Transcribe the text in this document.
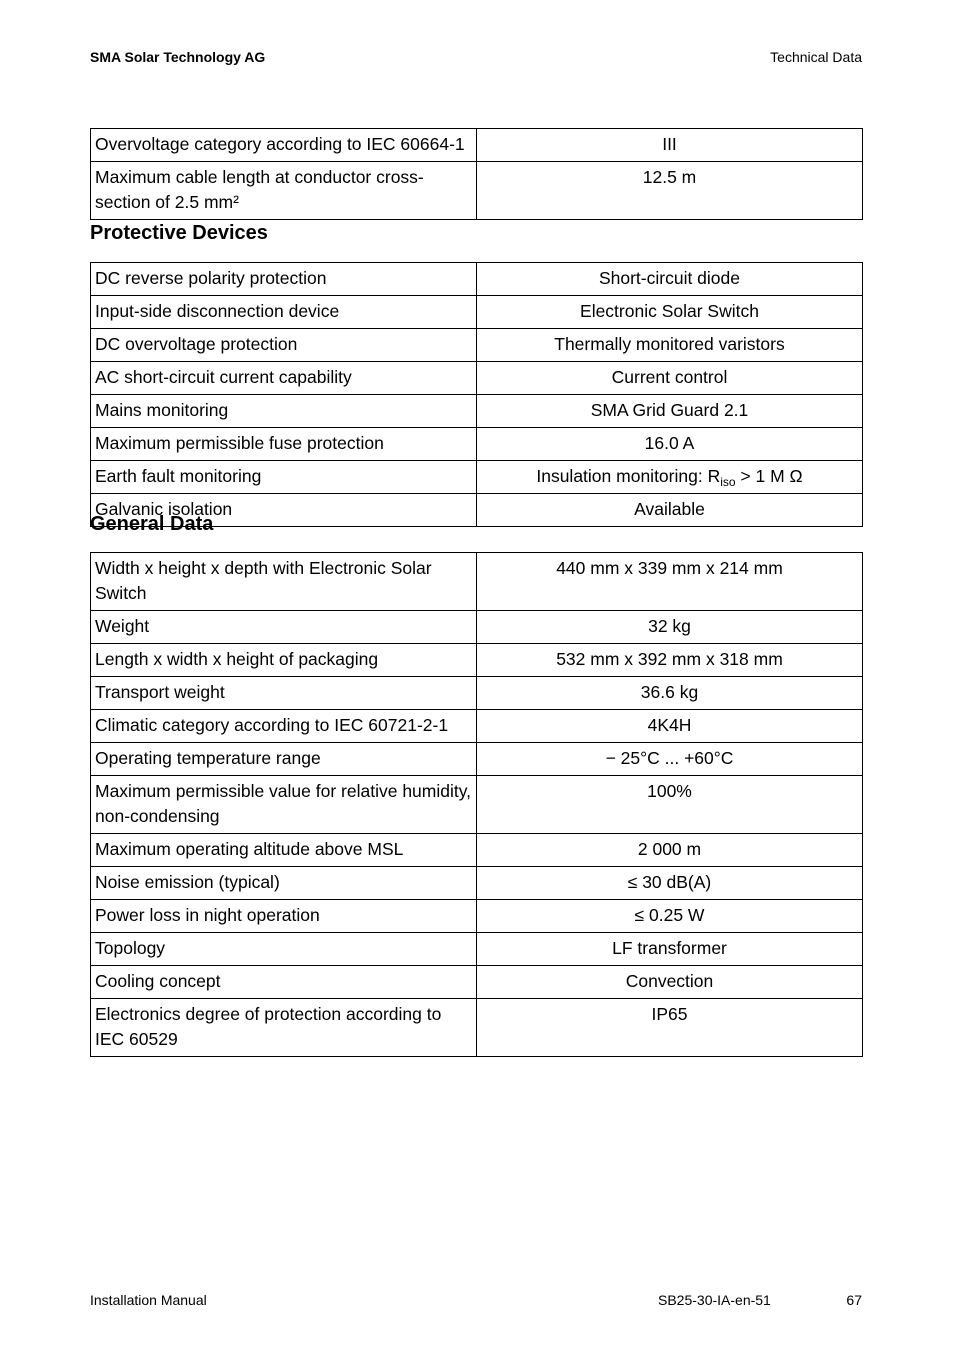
SMA Solar Technology AG	Technical Data
Overvoltage category according to IEC 60664-1	III
Maximum cable length at conductor cross-section of 2.5 mm²	12.5 m
Protective Devices
DC reverse polarity protection	Short-circuit diode
Input-side disconnection device	Electronic Solar Switch
DC overvoltage protection	Thermally monitored varistors
AC short-circuit current capability	Current control
Mains monitoring	SMA Grid Guard 2.1
Maximum permissible fuse protection	16.0 A
Earth fault monitoring	Insulation monitoring: $R_{iso} > 1$ M Ω
Galvanic isolation	Available
General Data
Width x height x depth with Electronic Solar Switch	440 mm x 339 mm x 214 mm
Weight	32 kg
Length x width x height of packaging	532 mm x 392 mm x 318 mm
Transport weight	36.6 kg
Climatic category according to IEC 60721-2-1	4K4H
Operating temperature range	− 25°C ... +60°C
Maximum permissible value for relative humidity, non-condensing	100%
Maximum operating altitude above MSL	2 000 m
Noise emission (typical)	≤ 30 dB(A)
Power loss in night operation	≤ 0.25 W
Topology	LF transformer
Cooling concept	Convection
Electronics degree of protection according to IEC 60529	IP65
Installation Manual	SB25-30-IA-en-51	67
